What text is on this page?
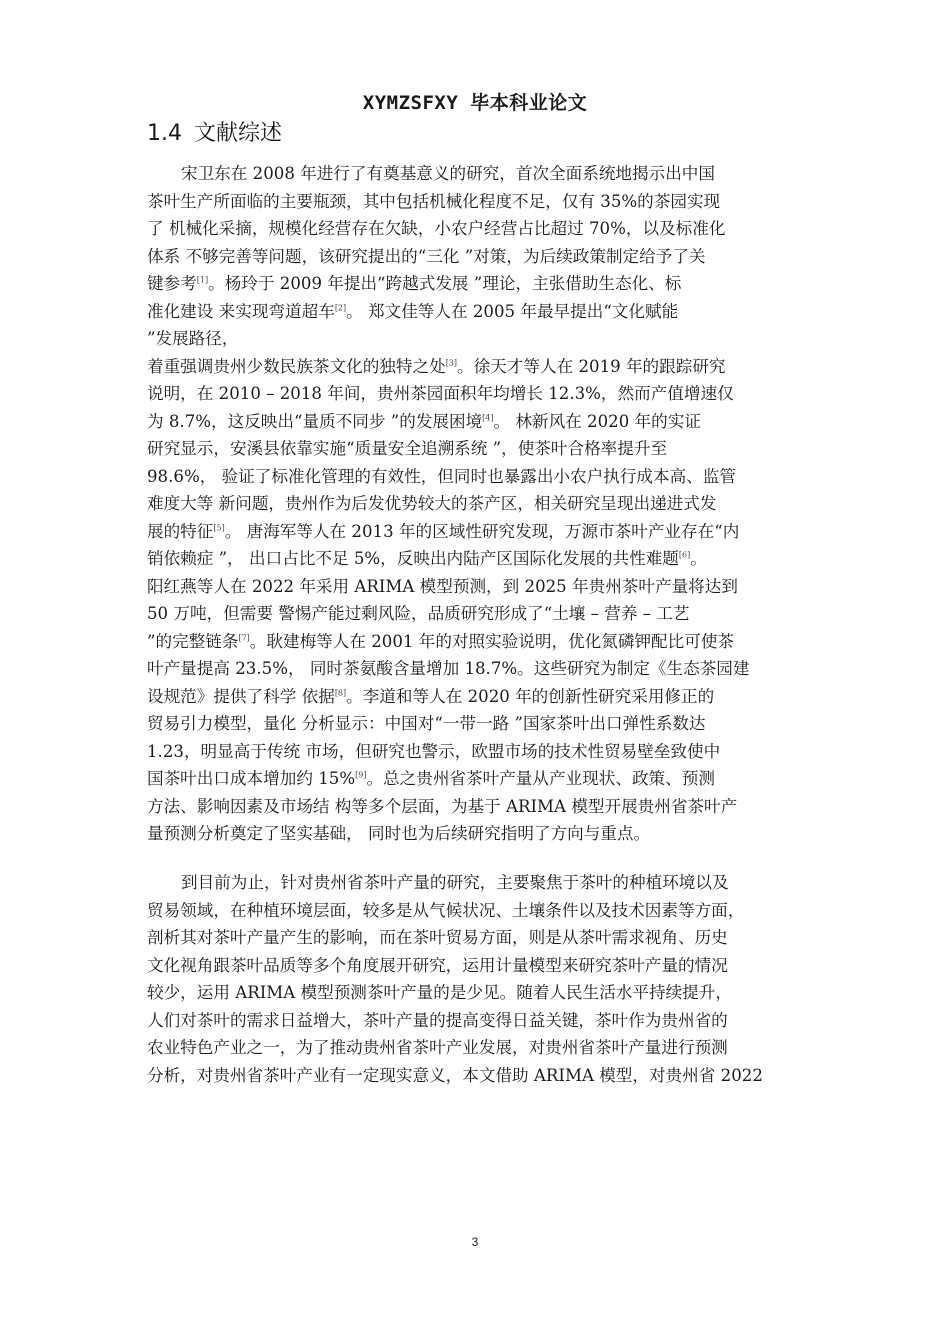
XYMZSFXY 毕本科业论文
1.4 文献综述
宋卫东在 2008 年进行了有奠基意义的研究，首次全面系统地揭示出中国
茶叶生产所面临的主要瓶颈，其中包括机械化程度不足，仅有 35%的茶园实现
了 机械化采摘，规模化经营存在欠缺，小农户经营占比超过 70%，以及标准化
体系 不够完善等问题，该研究提出的“三化 ”对策，为后续政策制定给予了关
键参考[1]。杨玲于 2009 年提出“跨越式发展 ”理论，主张借助生态化、标
准化建设 来实现弯道超车[2]。 郑文佳等人在 2005 年最早提出“文化赋能
”发展路径，
着重强调贵州少数民族茶文化的独特之处[3]。徐天才等人在 2019 年的跟踪研究
说明，在 2010 – 2018 年间，贵州茶园面积年均增长 12.3%，然而产值增速仅
为 8.7%，这反映出“量质不同步 ”的发展困境[4]。 林新风在 2020 年的实证
研究显示，安溪县依靠实施“质量安全追溯系统 ”，使茶叶合格率提升至
98.6%， 验证了标准化管理的有效性，但同时也暴露出小农户执行成本高、监管
难度大等 新问题，贵州作为后发优势较大的茶产区，相关研究呈现出递进式发
展的特征[5]。 唐海军等人在 2013 年的区域性研究发现，万源市茶叶产业存在“内
销依赖症 ”， 出口占比不足 5%，反映出内陆产区国际化发展的共性难题[6]。
阳红燕等人在 2022 年采用 ARIMA 模型预测，到 2025 年贵州茶叶产量将达到
50 万吨，但需要 警惕产能过剩风险，品质研究形成了“土壤 – 营养 – 工艺
”的完整链条[7]。耿建梅等人在 2001 年的对照实验说明，优化氮磷钾配比可使茶
叶产量提高 23.5%， 同时茶氨酸含量增加 18.7%。这些研究为制定《生态茶园建
设规范》提供了科学 依据[8]。李道和等人在 2020 年的创新性研究采用修正的
贸易引力模型，量化 分析显示：中国对“一带一路 ”国家茶叶出口弹性系数达
1.23，明显高于传统 市场，但研究也警示，欧盟市场的技术性贸易壁垒致使中
国茶叶出口成本增加约 15%[9]。总之贵州省茶叶产量从产业现状、政策、预测
方法、影响因素及市场结 构等多个层面，为基于 ARIMA 模型开展贵州省茶叶产
量预测分析奠定了坚实基础， 同时也为后续研究指明了方向与重点。
到目前为止，针对贵州省茶叶产量的研究，主要聚焦于茶叶的种植环境以及
贸易领域，在种植环境层面，较多是从气候状况、土壤条件以及技术因素等方面，
剖析其对茶叶产量产生的影响，而在茶叶贸易方面，则是从茶叶需求视角、历史
文化视角跟茶叶品质等多个角度展开研究，运用计量模型来研究茶叶产量的情况
较少，运用 ARIMA 模型预测茶叶产量的是少见。随着人民生活水平持续提升，
人们对茶叶的需求日益增大，茶叶产量的提高变得日益关键，茶叶作为贵州省的
农业特色产业之一，为了推动贵州省茶叶产业发展，对贵州省茶叶产量进行预测
分析，对贵州省茶叶产业有一定现实意义，本文借助 ARIMA 模型，对贵州省 2022
3
